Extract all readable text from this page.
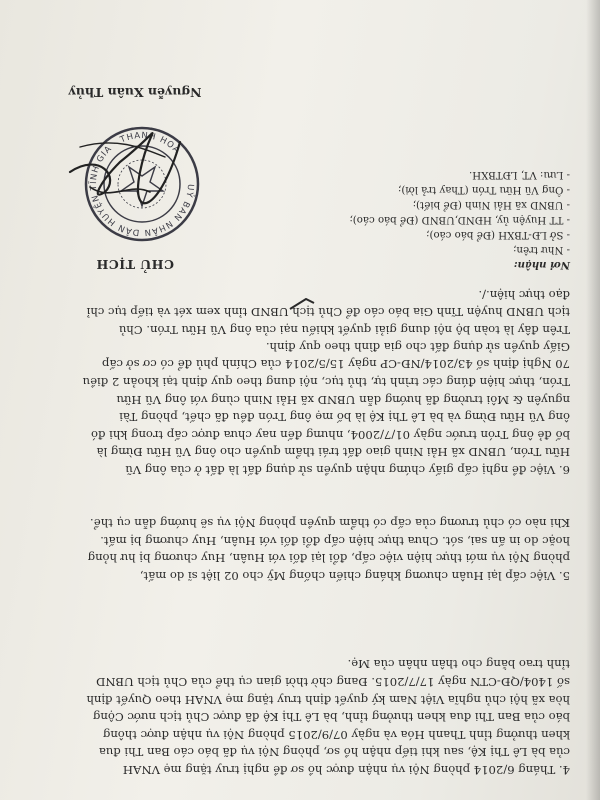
4. Tháng 6/2014 phòng Nội vụ nhận được hồ sơ đề nghị truy tặng mẹ VNAH
của bà Lê Thị Kệ, sau khi tiếp nhận hồ sơ, phòng Nội vụ đã báo cáo Ban Thi đua
khen thưởng tỉnh Thanh Hóa và ngày 07/9/2015 phòng Nội vụ nhận được thông
báo của Ban Thi đua khen thưởng tỉnh, bà Lê Thị Kệ đã được Chủ tịch nước Cộng
hòa xã hội chủ nghĩa Việt Nam ký quyết định truy tặng mẹ VNAH theo Quyết định
số 1404/QĐ-CTN ngày 17/7/2015. Đang chờ thời gian cụ thể của Chủ tịch UBND
tỉnh trao bằng cho thân nhân của Mẹ.
5. Việc cấp lại Huân chương kháng chiến chống Mỹ cho 02 liệt sĩ do mất,
phòng Nội vụ mới thực hiện việc cấp, đổi lại đối với Huân, Huy chương bị hư hỏng
hoặc do in ấn sai, sót. Chưa thực hiện cấp đổi đối với Huân, Huy chương bị mất.
Khi nào có chủ trương của cấp có thẩm quyền phòng Nội vụ sẽ hướng dẫn cụ thể.
6. Việc đề nghị cấp giấy chứng nhận quyền sử dụng đất là đất ở của ông Vũ
Hữu Trón, UBND xã Hải Ninh giao đất trái thẩm quyền cho ông Vũ Hữu Đừng là
bố đẻ ông Trón trước ngày 01/7/2004, nhưng đến nay chưa được cấp trong khi đó
ông Vũ Hữu Đừng và bà Lê Thị Kệ là bố mẹ ông Trón đều đã chết, phòng Tài
nguyên & Môi trường đã hướng dẫn UBND xã Hải Ninh cùng với ông Vũ Hữu
Trón, thực hiện đúng các trình tự, thủ tục, nội dung theo quy định tại khoản 2 điều
70 Nghị định số 43/2014/NĐ-CP ngày 15/5/2014 của Chính phủ để có cơ sở cấp
Giấy quyền sử dụng đất cho gia đình theo quy định.
Trên đây là toàn bộ nội dung giải quyết khiếu nại của ông Vũ Hữu Trón. Chủ
tịch UBND huyện Tĩnh Gia báo cáo để Chủ tịch UBND tỉnh xem xét và tiếp tục chỉ
đạo thực hiện./.
Nơi nhận:
- Như trên;
- Sở LĐ-TBXH (Để báo cáo);
- TT Huyện ủy, HĐND,UBND (Để báo cáo);
- UBND xã Hải Ninh (Để biết);
- Ông Vũ Hữu Trón (Thay trả lời);
- Lưu: VT, LĐTBXH.
CHỦ TỊCH
UỶ BAN NHÂN DÂN HUYỆN TĨNH GIA · THANH HOÁ
Nguyễn Xuân Thủy
